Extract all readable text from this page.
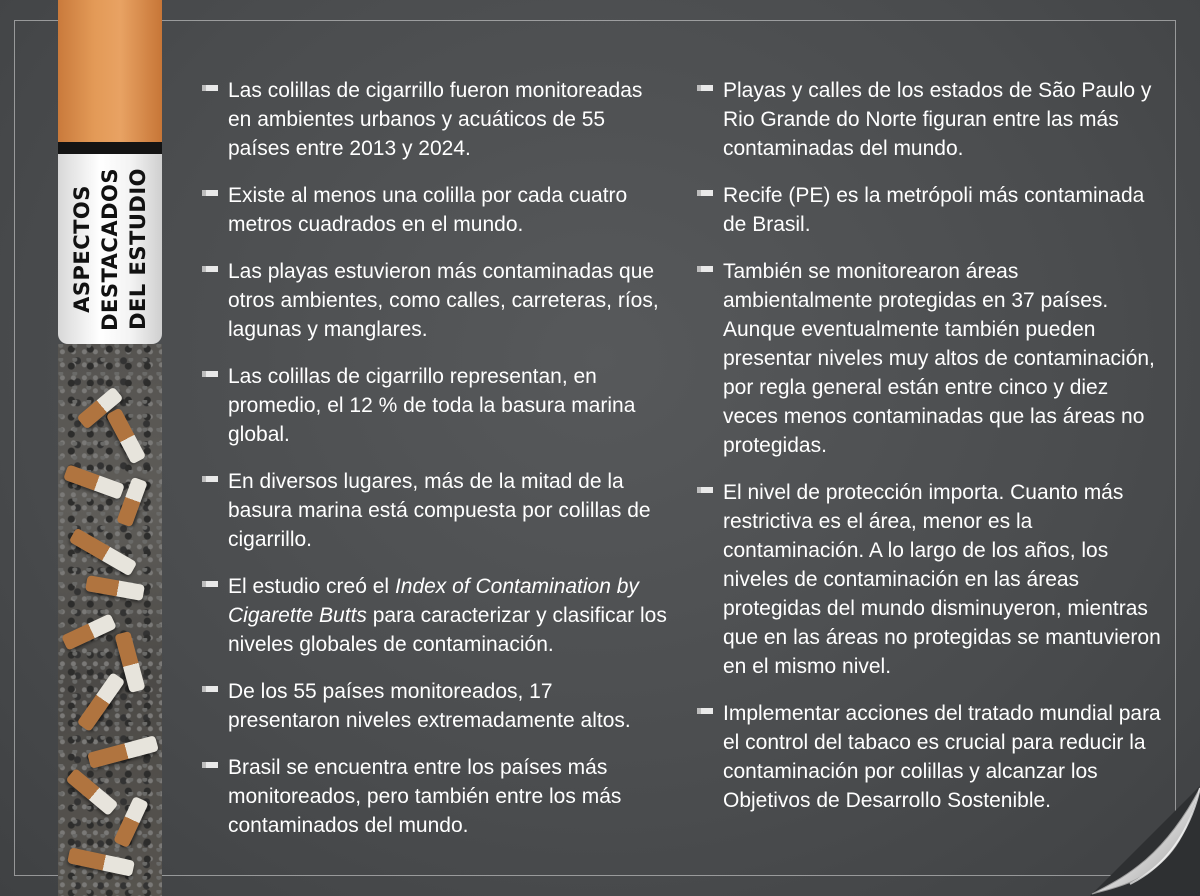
ASPECTOS
DESTACADOS
DEL ESTUDIO

Las colillas de cigarrillo fueron monitoreadas en ambientes urbanos y acuáticos de 55 países entre 2013 y 2024.

Existe al menos una colilla por cada cuatro metros cuadrados en el mundo.

Las playas estuvieron más contaminadas que otros ambientes, como calles, carreteras, ríos, lagunas y manglares.

Las colillas de cigarrillo representan, en promedio, el 12 % de toda la basura marina global.

En diversos lugares, más de la mitad de la basura marina está compuesta por colillas de cigarrillo.

El estudio creó el Index of Contamination by Cigarette Butts para caracterizar y clasificar los niveles globales de contaminación.

De los 55 países monitoreados, 17 presentaron niveles extremadamente altos.

Brasil se encuentra entre los países más monitoreados, pero también entre los más contaminados del mundo.

Playas y calles de los estados de São Paulo y Rio Grande do Norte figuran entre las más contaminadas del mundo.

Recife (PE) es la metrópoli más contaminada de Brasil.

También se monitorearon áreas ambientalmente protegidas en 37 países. Aunque eventualmente también pueden presentar niveles muy altos de contaminación, por regla general están entre cinco y diez veces menos contaminadas que las áreas no protegidas.

El nivel de protección importa. Cuanto más restrictiva es el área, menor es la contaminación. A lo largo de los años, los niveles de contaminación en las áreas protegidas del mundo disminuyeron, mientras que en las áreas no protegidas se mantuvieron en el mismo nivel.

Implementar acciones del tratado mundial para el control del tabaco es crucial para reducir la contaminación por colillas y alcanzar los Objetivos de Desarrollo Sostenible.
